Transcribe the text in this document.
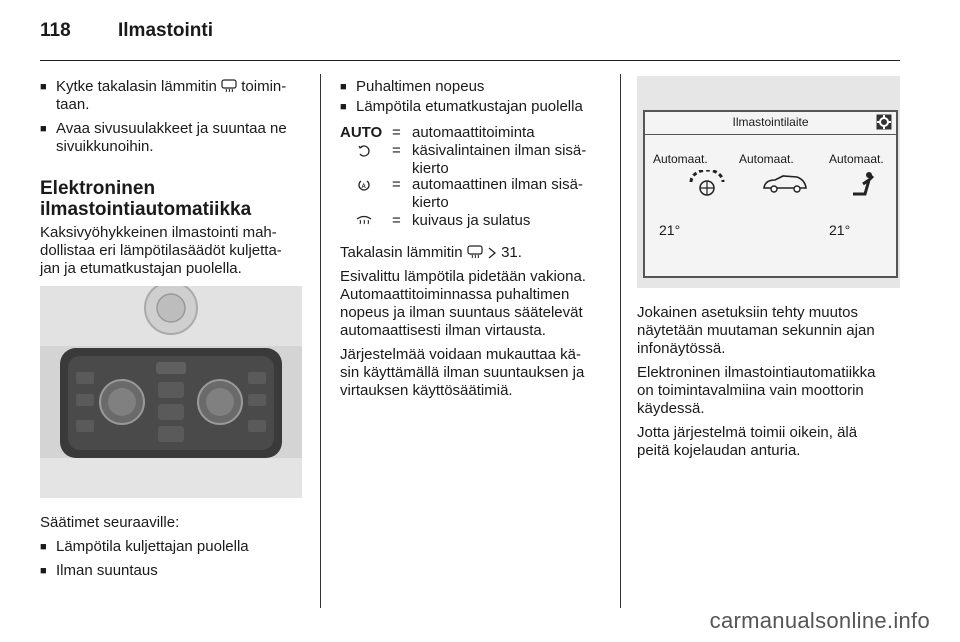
118 Ilmastointi
■ Kytke takalasin lämmitin toimin-
taan.
■ Avaa sivusuulakkeet ja suuntaa ne
sivuikkunoihin.
Elektroninen
ilmastointiautomatiikka
Kaksivyöhykkeinen ilmastointi mah-
dollistaa eri lämpötilasäädöt kuljetta-
jan ja etumatkustajan puolella.
Säätimet seuraaville:
■ Lämpötila kuljettajan puolella
■ Ilman suuntaus
■ Puhaltimen nopeus
■ Lämpötila etumatkustajan puolella
AUTO = automaattitoiminta
= käsivalintainen ilman sisä-
kierto
A = automaattinen ilman sisä-
kierto
= kuivaus ja sulatus
Takalasin lämmitin	31.
Esivalittu lämpötila pidetään vakiona.
Automaattitoiminnassa puhaltimen
nopeus ja ilman suuntaus säätelevät
automaattisesti ilman virtausta.
Järjestelmää voidaan mukauttaa kä-
sin käyttämällä ilman suuntauksen ja
virtauksen käyttösäätimiä.
Ilmastointilaite
Automaat.	Automaat.	Automaat.
21°	21°
Jokainen asetuksiin tehty muutos
näytetään muutaman sekunnin ajan
infonäytössä.
Elektroninen ilmastointiautomatiikka
on toimintavalmiina vain moottorin
käydessä.
Jotta järjestelmä toimii oikein, älä
peitä kojelaudan anturia.
carmanualsonline.info
